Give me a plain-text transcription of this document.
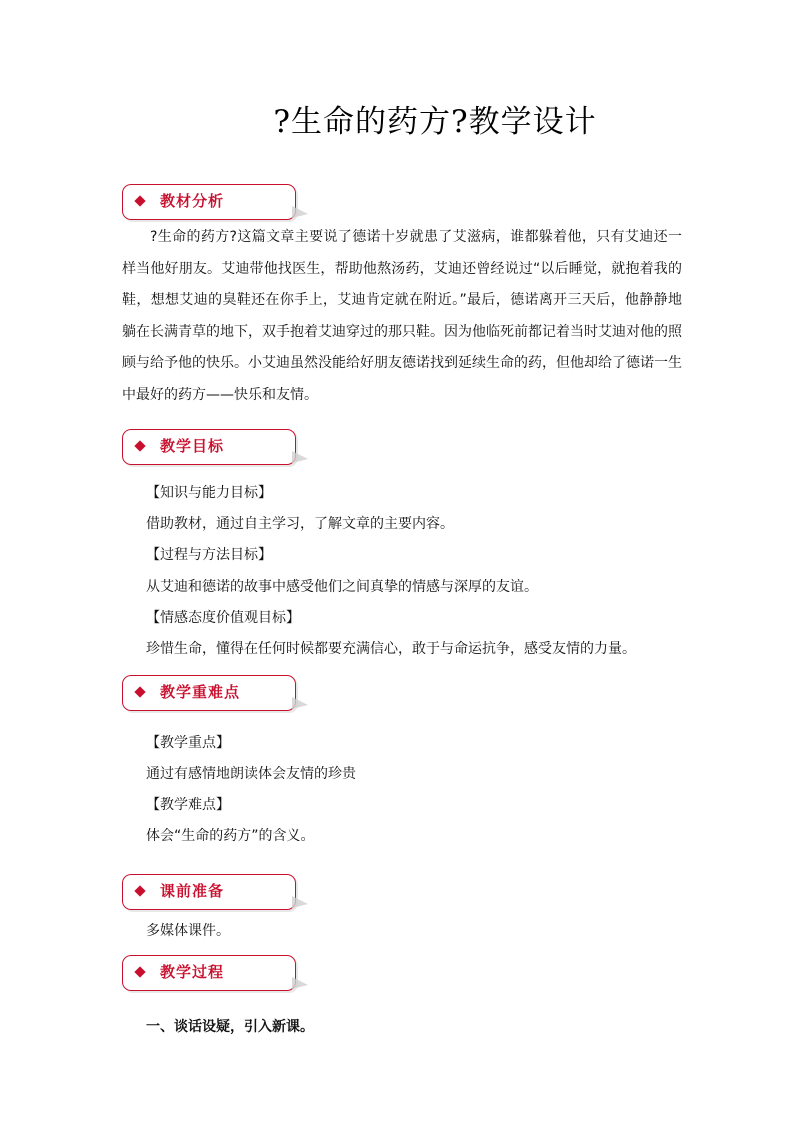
?生命的药方?教学设计
教材分析
?生命的药方?这篇文章主要说了德诺十岁就患了艾滋病，谁都躲着他，只有艾迪还一样当他好朋友。艾迪带他找医生，帮助他熬汤药，艾迪还曾经说过“以后睡觉，就抱着我的鞋，想想艾迪的臭鞋还在你手上，艾迪肯定就在附近。”最后，德诺离开三天后，他静静地躺在长满青草的地下，双手抱着艾迪穿过的那只鞋。因为他临死前都记着当时艾迪对他的照顾与给予他的快乐。小艾迪虽然没能给好朋友德诺找到延续生命的药，但他却给了德诺一生中最好的药方——快乐和友情。
教学目标
【知识与能力目标】
借助教材，通过自主学习，了解文章的主要内容。
【过程与方法目标】
从艾迪和德诺的故事中感受他们之间真挚的情感与深厚的友谊。
【情感态度价值观目标】
珍惜生命，懂得在任何时候都要充满信心，敢于与命运抗争，感受友情的力量。
教学重难点
【教学重点】
通过有感情地朗读体会友情的珍贵
【教学难点】
体会“生命的药方”的含义。
课前准备
多媒体课件。
教学过程
一、谈话设疑，引入新课。
